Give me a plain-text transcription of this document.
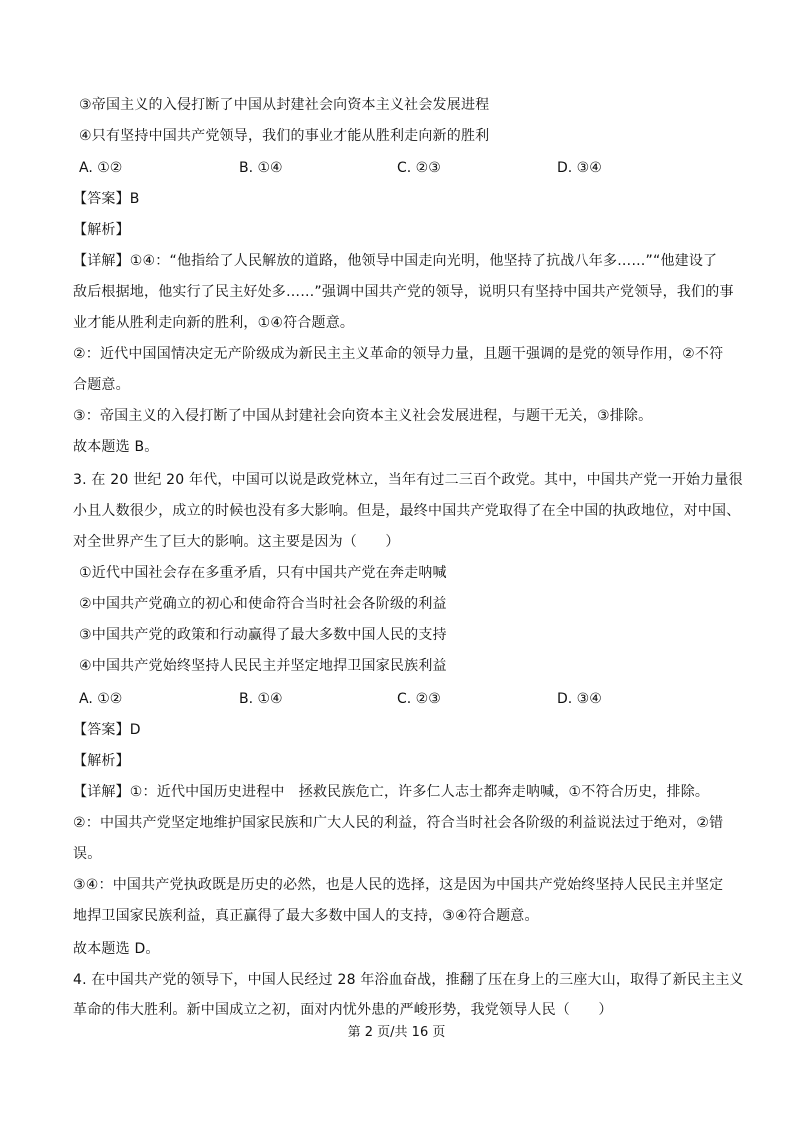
③帝国主义的入侵打断了中国从封建社会向资本主义社会发展进程
④只有坚持中国共产党领导，我们的事业才能从胜利走向新的胜利
A. ①②	B. ①④	C. ②③	D. ③④
【答案】B
【解析】
【详解】①④：“他指给了人民解放的道路，他领导中国走向光明，他坚持了抗战八年多……”“他建设了
敌后根据地，他实行了民主好处多……”强调中国共产党的领导，说明只有坚持中国共产党领导，我们的事
业才能从胜利走向新的胜利，①④符合题意。
②：近代中国国情决定无产阶级成为新民主主义革命的领导力量，且题干强调的是党的领导作用，②不符
合题意。
③：帝国主义的入侵打断了中国从封建社会向资本主义社会发展进程，与题干无关，③排除。
故本题选 B。
3. 在 20 世纪 20 年代，中国可以说是政党林立，当年有过二三百个政党。其中，中国共产党一开始力量很
小且人数很少，成立的时候也没有多大影响。但是，最终中国共产党取得了在全中国的执政地位，对中国、
对全世界产生了巨大的影响。这主要是因为（　　）
①近代中国社会存在多重矛盾，只有中国共产党在奔走呐喊
②中国共产党确立的初心和使命符合当时社会各阶级的利益
③中国共产党的政策和行动赢得了最大多数中国人民的支持
④中国共产党始终坚持人民民主并坚定地捍卫国家民族利益
A. ①②	B. ①④	C. ②③	D. ③④
【答案】D
【解析】
【详解】①：近代中国历史进程中　拯救民族危亡，许多仁人志士都奔走呐喊，①不符合历史，排除。
②：中国共产党坚定地维护国家民族和广大人民的利益，符合当时社会各阶级的利益说法过于绝对，②错
误。
③④：中国共产党执政既是历史的必然，也是人民的选择，这是因为中国共产党始终坚持人民民主并坚定
地捍卫国家民族利益，真正赢得了最大多数中国人的支持，③④符合题意。
故本题选 D。
4. 在中国共产党的领导下，中国人民经过 28 年浴血奋战，推翻了压在身上的三座大山，取得了新民主主义
革命的伟大胜利。新中国成立之初，面对内忧外患的严峻形势，我党领导人民（　　）
第 2 页/共 16 页
